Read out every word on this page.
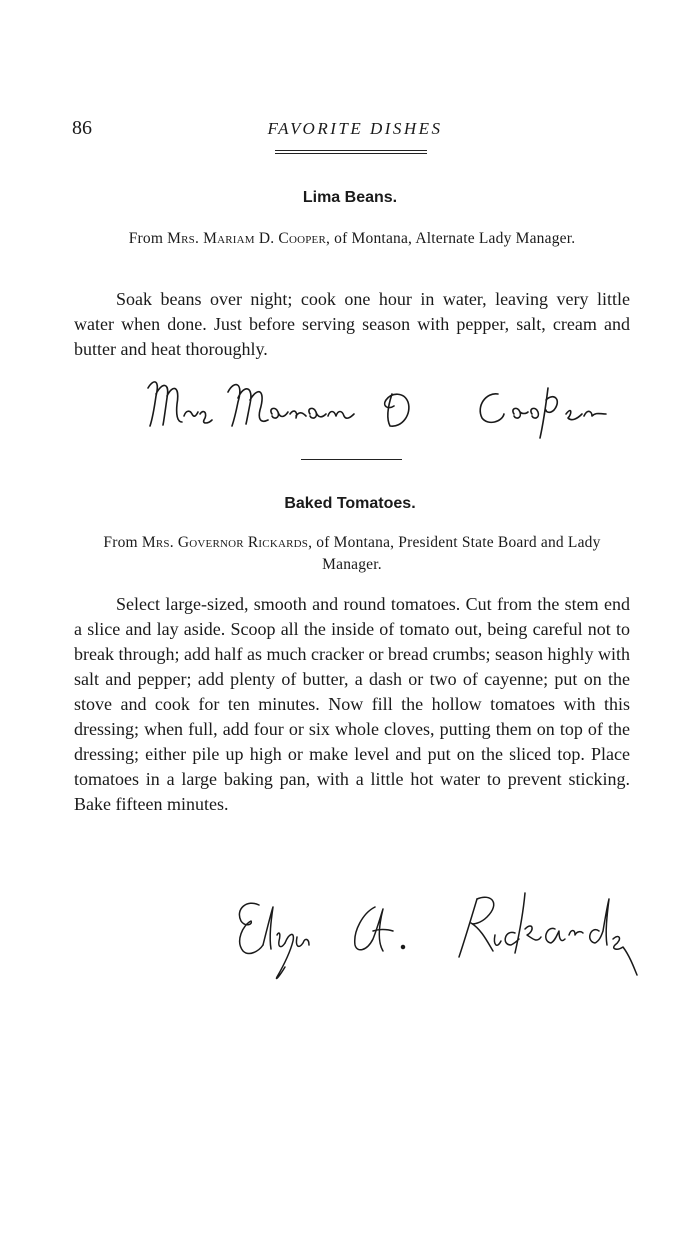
86	FAVORITE DISHES
Lima Beans.
From Mrs. Mariam D. Cooper, of Montana, Alternate Lady Manager.
Soak beans over night; cook one hour in water, leaving very little water when done. Just before serving season with pepper, salt, cream and butter and heat thoroughly.
Baked Tomatoes.
From Mrs. Governor Rickards, of Montana, President State Board and Lady Manager.
Select large-sized, smooth and round tomatoes. Cut from the stem end a slice and lay aside. Scoop all the inside of tomato out, being careful not to break through; add half as much cracker or bread crumbs; season highly with salt and pepper; add plenty of butter, a dash or two of cayenne; put on the stove and cook for ten minutes. Now fill the hollow tomatoes with this dressing; when full, add four or six whole cloves, putting them on top of the dressing; either pile up high or make level and put on the sliced top. Place tomatoes in a large baking pan, with a little hot water to prevent sticking. Bake fifteen minutes.
